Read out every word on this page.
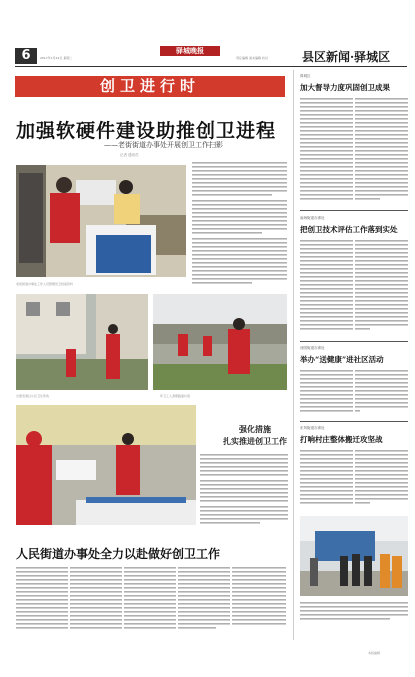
6	2017年1月24日 星期二
驿城晚报
责任编辑 美术编辑 校对	县区新闻·驿城区
创卫进行时
加强软硬件建设助推创卫进程
——老街街道办事处开展创卫工作扫影
记者 通讯员
老街街道办事处工作人员整理创卫档案资料
志愿者清扫小区卫生死角	环卫工人清理路面垃圾
强化措施
扎实推进创卫工作
人民街道办事处全力以赴做好创卫工作
驿城区
加大督导力度巩固创卫成果
南海街道办事处
把创卫技术评估工作落到实处
西园街道办事处
举办“送健康”进社区活动
东风街道办事处
打响村庄整体搬迁攻坚战
本版编辑
